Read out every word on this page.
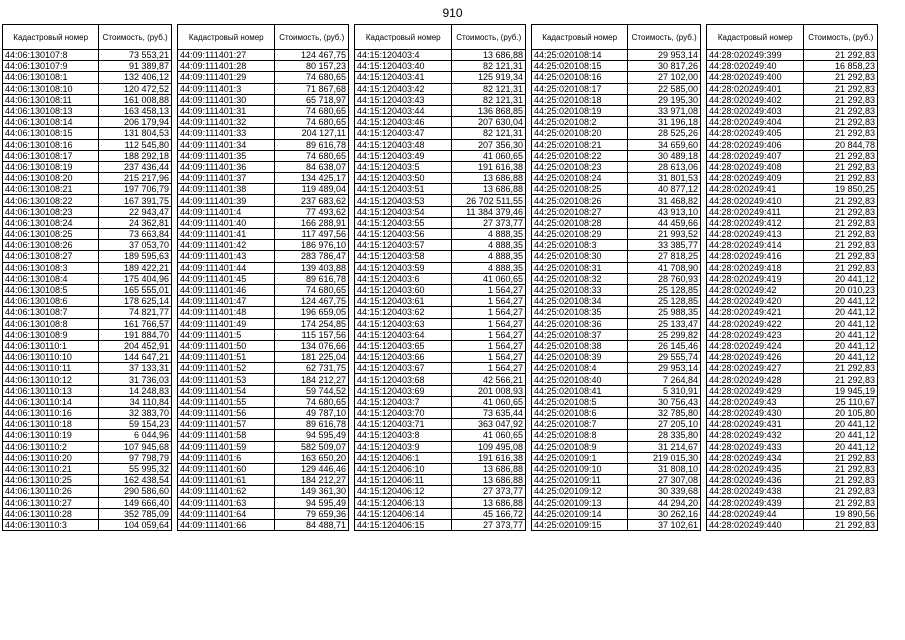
910
Кадастровый номер	Стоимость, (руб.)
44:06:130107:8	73 553,21
44:06:130107:9	91 389,87
44:06:130108:1	132 406,12
44:06:130108:10	120 472,52
44:06:130108:11	161 008,88
44:06:130108:13	163 458,13
44:06:130108:14	206 179,94
44:06:130108:15	131 804,53
44:06:130108:16	112 545,80
44:06:130108:17	188 292,18
44:06:130108:19	237 436,44
44:06:130108:20	215 217,96
44:06:130108:21	197 706,79
44:06:130108:22	167 391,75
44:06:130108:23	22 943,47
44:06:130108:24	24 362,81
44:06:130108:25	73 663,84
44:06:130108:26	37 053,70
44:06:130108:27	189 595,63
44:06:130108:3	189 422,21
44:06:130108:4	175 404,96
44:06:130108:5	165 555,01
44:06:130108:6	178 625,14
44:06:130108:7	74 821,77
44:06:130108:8	161 766,57
44:06:130108:9	191 884,70
44:06:130110:1	204 452,91
44:06:130110:10	144 647,21
44:06:130110:11	37 133,31
44:06:130110:12	31 736,03
44:06:130110:13	14 248,83
44:06:130110:14	34 110,84
44:06:130110:16	32 383,70
44:06:130110:18	59 154,23
44:06:130110:19	6 044,96
44:06:130110:2	107 945,68
44:06:130110:20	97 798,79
44:06:130110:21	55 995,32
44:06:130110:25	162 438,54
44:06:130110:26	290 586,60
44:06:130110:27	149 666,40
44:06:130110:28	352 785,09
44:06:130110:3	104 059,64
Кадастровый номер	Стоимость, (руб.)
44:09:111401:27	124 467,75
44:09:111401:28	80 157,23
44:09:111401:29	74 680,65
44:09:111401:3	71 867,68
44:09:111401:30	65 718,97
44:09:111401:31	74 680,65
44:09:111401:32	74 680,65
44:09:111401:33	204 127,11
44:09:111401:34	89 616,78
44:09:111401:35	74 680,65
44:09:111401:36	84 638,07
44:09:111401:37	134 425,17
44:09:111401:38	119 489,04
44:09:111401:39	237 683,62
44:09:111401:4	77 493,62
44:09:111401:40	166 288,91
44:09:111401:41	117 497,56
44:09:111401:42	186 976,10
44:09:111401:43	283 786,47
44:09:111401:44	139 403,88
44:09:111401:45	89 616,78
44:09:111401:46	74 680,65
44:09:111401:47	124 467,75
44:09:111401:48	196 659,05
44:09:111401:49	174 254,85
44:09:111401:5	115 157,56
44:09:111401:50	134 076,66
44:09:111401:51	181 225,04
44:09:111401:52	62 731,75
44:09:111401:53	184 212,27
44:09:111401:54	59 744,52
44:09:111401:55	74 680,65
44:09:111401:56	49 787,10
44:09:111401:57	89 616,78
44:09:111401:58	94 595,49
44:09:111401:59	582 509,07
44:09:111401:6	163 650,20
44:09:111401:60	129 446,46
44:09:111401:61	184 212,27
44:09:111401:62	149 361,30
44:09:111401:63	94 595,49
44:09:111401:64	79 659,36
44:09:111401:66	84 488,71
Кадастровый номер	Стоимость, (руб.)
44:15:120403:4	13 686,88
44:15:120403:40	82 121,31
44:15:120403:41	125 919,34
44:15:120403:42	82 121,31
44:15:120403:43	82 121,31
44:15:120403:44	136 868,85
44:15:120403:46	207 630,04
44:15:120403:47	82 121,31
44:15:120403:48	207 356,30
44:15:120403:49	41 060,65
44:15:120403:5	191 616,38
44:15:120403:50	13 686,88
44:15:120403:51	13 686,88
44:15:120403:53	26 702 511,55
44:15:120403:54	11 384 379,46
44:15:120403:55	27 373,77
44:15:120403:56	4 888,35
44:15:120403:57	4 888,35
44:15:120403:58	4 888,35
44:15:120403:59	4 888,35
44:15:120403:6	41 060,65
44:15:120403:60	1 564,27
44:15:120403:61	1 564,27
44:15:120403:62	1 564,27
44:15:120403:63	1 564,27
44:15:120403:64	1 564,27
44:15:120403:65	1 564,27
44:15:120403:66	1 564,27
44:15:120403:67	1 564,27
44:15:120403:68	42 566,21
44:15:120403:69	201 008,93
44:15:120403:7	41 060,65
44:15:120403:70	73 635,44
44:15:120403:71	363 047,92
44:15:120403:8	41 060,65
44:15:120403:9	109 495,08
44:15:120406:1	191 616,38
44:15:120406:10	13 686,88
44:15:120406:11	13 686,88
44:15:120406:12	27 373,77
44:15:120406:13	13 686,88
44:15:120406:14	45 166,72
44:15:120406:15	27 373,77
Кадастровый номер	Стоимость, (руб.)
44:25:020108:14	29 953,14
44:25:020108:15	30 817,26
44:25:020108:16	27 102,00
44:25:020108:17	22 585,00
44:25:020108:18	29 195,30
44:25:020108:19	33 971,08
44:25:020108:2	31 196,18
44:25:020108:20	28 525,26
44:25:020108:21	34 659,60
44:25:020108:22	30 489,18
44:25:020108:23	28 613,06
44:25:020108:24	31 801,53
44:25:020108:25	40 877,12
44:25:020108:26	31 468,82
44:25:020108:27	43 913,10
44:25:020108:28	44 459,66
44:25:020108:29	21 993,52
44:25:020108:3	33 385,77
44:25:020108:30	27 818,25
44:25:020108:31	41 708,90
44:25:020108:32	28 760,93
44:25:020108:33	25 128,85
44:25:020108:34	25 128,85
44:25:020108:35	25 988,35
44:25:020108:36	25 133,47
44:25:020108:37	25 299,82
44:25:020108:38	26 145,46
44:25:020108:39	29 555,74
44:25:020108:4	29 953,14
44:25:020108:40	7 264,84
44:25:020108:41	5 310,91
44:25:020108:5	30 756,43
44:25:020108:6	32 785,80
44:25:020108:7	27 205,10
44:25:020108:8	28 335,80
44:25:020108:9	31 214,67
44:25:020109:1	219 015,30
44:25:020109:10	31 808,10
44:25:020109:11	27 307,08
44:25:020109:12	30 339,68
44:25:020109:13	44 294,20
44:25:020109:14	30 262,16
44:25:020109:15	37 102,61
Кадастровый номер	Стоимость, (руб.)
44:28:020249:399	21 292,83
44:28:020249:40	16 858,23
44:28:020249:400	21 292,83
44:28:020249:401	21 292,83
44:28:020249:402	21 292,83
44:28:020249:403	21 292,83
44:28:020249:404	21 292,83
44:28:020249:405	21 292,83
44:28:020249:406	20 844,78
44:28:020249:407	21 292,83
44:28:020249:408	21 292,83
44:28:020249:409	21 292,83
44:28:020249:41	19 850,25
44:28:020249:410	21 292,83
44:28:020249:411	21 292,83
44:28:020249:412	21 292,83
44:28:020249:413	21 292,83
44:28:020249:414	21 292,83
44:28:020249:416	21 292,83
44:28:020249:418	21 292,83
44:28:020249:419	20 441,12
44:28:020249:42	20 010,23
44:28:020249:420	20 441,12
44:28:020249:421	20 441,12
44:28:020249:422	20 441,12
44:28:020249:423	20 441,12
44:28:020249:424	20 441,12
44:28:020249:426	20 441,12
44:28:020249:427	21 292,83
44:28:020249:428	21 292,83
44:28:020249:429	19 945,19
44:28:020249:43	25 110,67
44:28:020249:430	20 105,80
44:28:020249:431	20 441,12
44:28:020249:432	20 441,12
44:28:020249:433	20 441,12
44:28:020249:434	21 292,83
44:28:020249:435	21 292,83
44:28:020249:436	21 292,83
44:28:020249:438	21 292,83
44:28:020249:439	21 292,83
44:28:020249:44	19 890,56
44:28:020249:440	21 292,83
